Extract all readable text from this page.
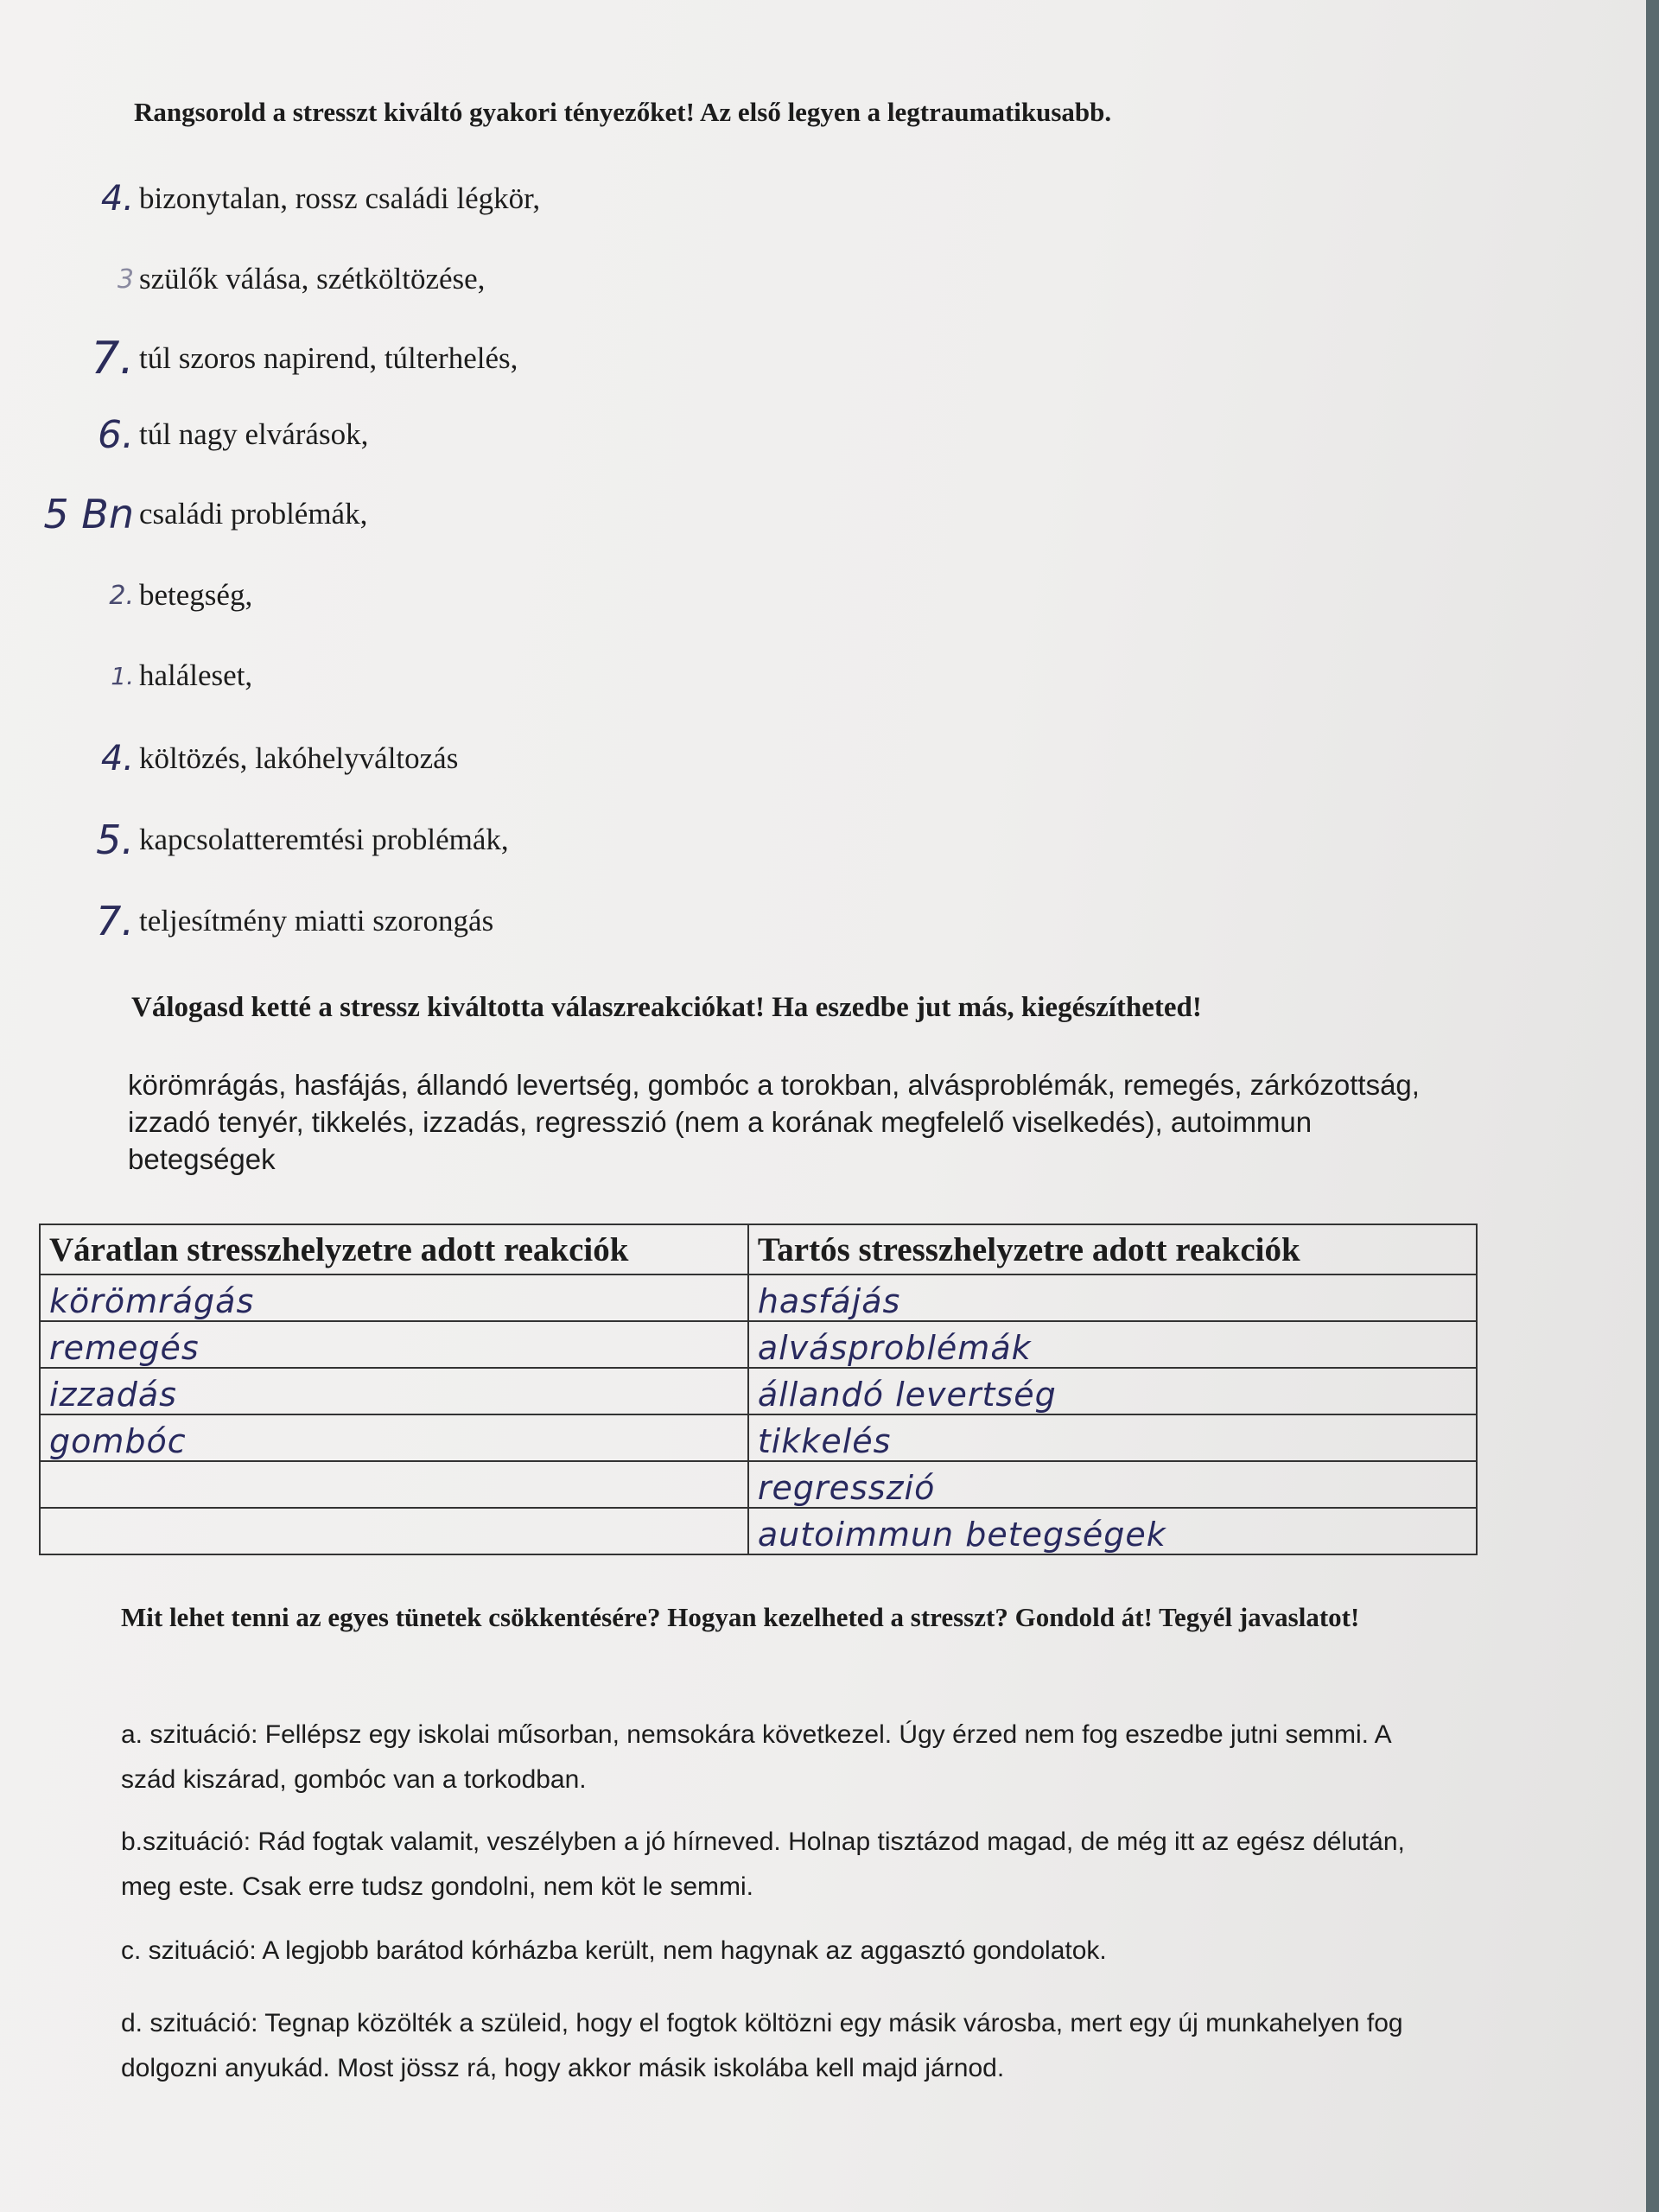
Rangsorold a stresszt kiváltó gyakori tényezőket! Az első legyen a legtraumatikusabb.
4. bizonytalan, rossz családi légkör,
3 szülők válása, szétköltözése,
7. túl szoros napirend, túlterhelés,
6. túl nagy elvárások,
5 Bn családi problémák,
2. betegség,
1. haláleset,
4. költözés, lakóhelyváltozás
5. kapcsolatteremtési problémák,
7. teljesítmény miatti szorongás
Válogasd ketté a stressz kiváltotta válaszreakciókat! Ha eszedbe jut más, kiegészítheted!
körömrágás, hasfájás, állandó levertség, gombóc a torokban, alvásproblémák, remegés, zárkózottság, izzadó tenyér, tikkelés, izzadás, regresszió (nem a korának megfelelő viselkedés), autoimmun betegségek
Váratlan stresszhelyzetre adott reakciók	Tartós stresszhelyzetre adott reakciók
körömrágás	hasfájás
remegés	alvásproblémák
izzadás	állandó levertség
gombóc	tikkelés
	regresszió
	autoimmun betegségek
Mit lehet tenni az egyes tünetek csökkentésére? Hogyan kezelheted a stresszt? Gondold át! Tegyél javaslatot!
a. szituáció: Fellépsz egy iskolai műsorban, nemsokára következel. Úgy érzed nem fog eszedbe jutni semmi. A szád kiszárad, gombóc van a torkodban.
b.szituáció: Rád fogtak valamit, veszélyben a jó hírneved. Holnap tisztázod magad, de még itt az egész délután, meg este. Csak erre tudsz gondolni, nem köt le semmi.
c. szituáció: A legjobb barátod kórházba került, nem hagynak az aggasztó gondolatok.
d. szituáció: Tegnap közölték a szüleid, hogy el fogtok költözni egy másik városba, mert egy új munkahelyen fog dolgozni anyukád. Most jössz rá, hogy akkor másik iskolába kell majd járnod.
